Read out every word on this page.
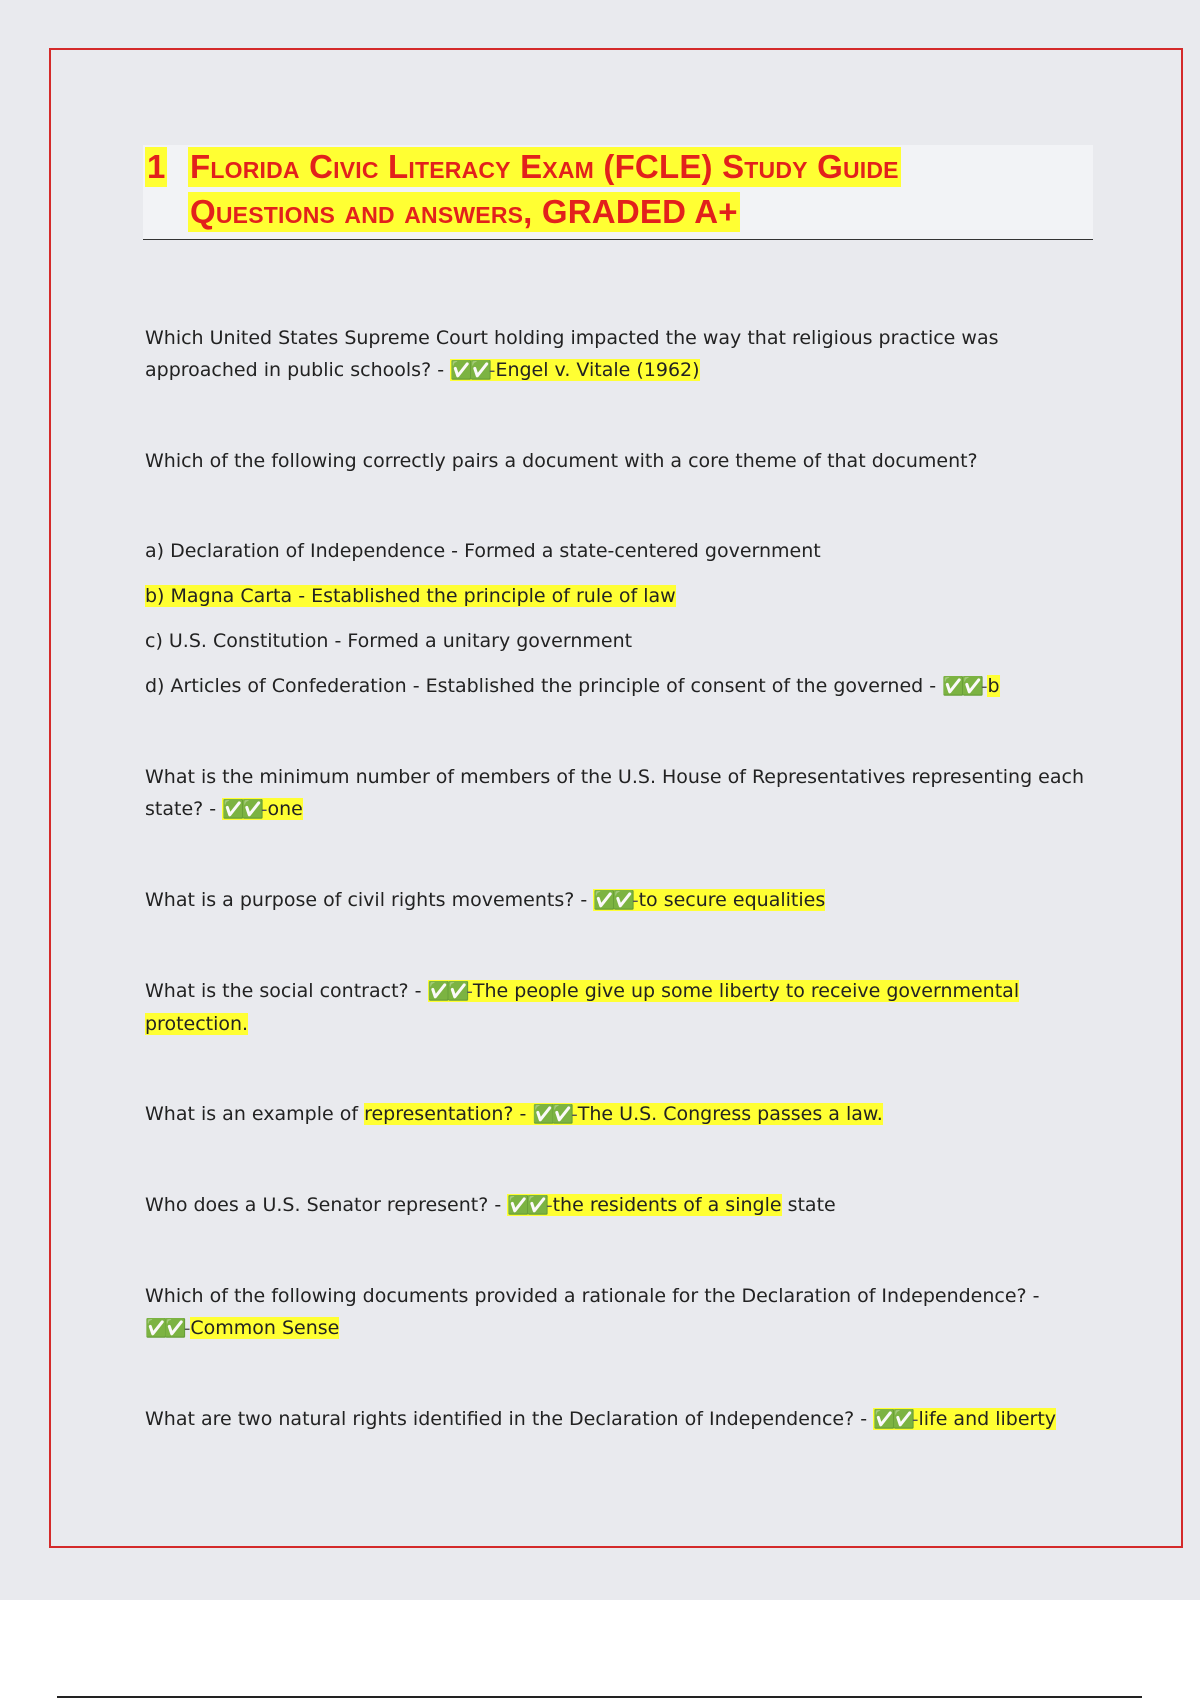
1 Florida Civic Literacy Exam (FCLE) Study Guide
Questions and answers, GRADED A+

Which United States Supreme Court holding impacted the way that religious practice was approached in public schools? - ✅✅- Engel v. Vitale (1962)

Which of the following correctly pairs a document with a core theme of that document?

a) Declaration of Independence - Formed a state-centered government

b) Magna Carta - Established the principle of rule of law

c) U.S. Constitution - Formed a unitary government

d) Articles of Confederation - Established the principle of consent of the governed - ✅✅- b

What is the minimum number of members of the U.S. House of Representatives representing each state? - ✅✅- one

What is a purpose of civil rights movements? - ✅✅- to secure equalities

What is the social contract? - ✅✅- The people give up some liberty to receive governmental protection.

What is an example of representation? - ✅✅- The U.S. Congress passes a law.

Who does a U.S. Senator represent? - ✅✅- the residents of a single state

Which of the following documents provided a rationale for the Declaration of Independence? - ✅✅- Common Sense

What are two natural rights identified in the Declaration of Independence? - ✅✅- life and liberty
